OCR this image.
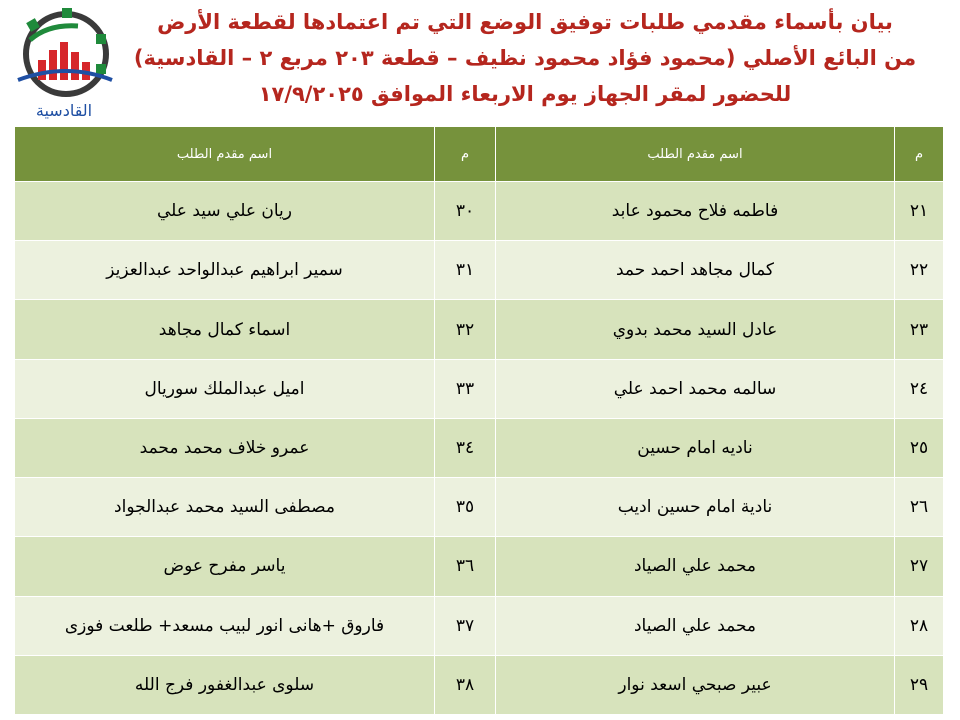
القادسية
بيان بأسماء مقدمي طلبات توفيق الوضع التي تم اعتمادها لقطعة الأرض
من البائع الأصلي (محمود فؤاد محمود نظيف – قطعة ٢٠٣ مربع ٢ – القادسية)
للحضور لمقر الجهاز يوم الاربعاء الموافق ١٧/٩/٢٠٢٥
م	اسم مقدم الطلب	م	اسم مقدم الطلب
٢١	فاطمه فلاح محمود عابد	٣٠	ريان علي سيد علي
٢٢	كمال مجاهد احمد حمد	٣١	سمير ابراهيم عبدالواحد عبدالعزيز
٢٣	عادل السيد محمد بدوي	٣٢	اسماء كمال مجاهد
٢٤	سالمه محمد احمد علي	٣٣	اميل عبدالملك سوريال
٢٥	ناديه امام حسين	٣٤	عمرو خلاف محمد محمد
٢٦	نادية امام حسين اديب	٣٥	مصطفى السيد محمد عبدالجواد
٢٧	محمد علي الصياد	٣٦	ياسر مفرح عوض
٢٨	محمد علي الصياد	٣٧	فاروق +هانى انور لبيب مسعد+ طلعت فوزى
٢٩	عبير صبحي اسعد نوار	٣٨	سلوى عبدالغفور فرج الله
